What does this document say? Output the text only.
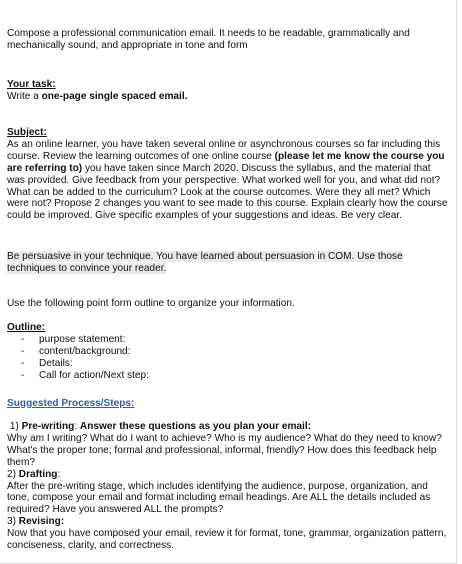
Compose a professional communication email. It needs to be readable, grammatically and mechanically sound, and appropriate in tone and form

Your task:

Write a one-page single spaced email.

Subject:

As an online learner, you have taken several online or asynchronous courses so far including this course. Review the learning outcomes of one online course (please let me know the course you are referring to) you have taken since March 2020. Discuss the syllabus, and the material that was provided. Give feedback from your perspective. What worked well for you, and what did not? What can be added to the curriculum? Look at the course outcomes. Were they all met? Which were not? Propose 2 changes you want to see made to this course. Explain clearly how the course could be improved. Give specific examples of your suggestions and ideas. Be very clear.

Be persuasive in your technique. You have learned about persuasion in COM. Use those techniques to convince your reader.

Use the following point form outline to organize your information.

Outline:

- purpose statement:
- content/background:
- Details:
- Call for action/Next step:

Suggested Process/Steps:

1) Pre-writing: Answer these questions as you plan your email:

Why am I writing? What do I want to achieve? Who is my audience? What do they need to know? What's the proper tone; formal and professional, informal, friendly? How does this feedback help them?

2) Drafting:

After the pre-writing stage, which includes identifying the audience, purpose, organization, and tone, compose your email and format including email headings. Are ALL the details included as required? Have you answered ALL the prompts?

3) Revising:

Now that you have composed your email, review it for format, tone, grammar, organization pattern, conciseness, clarity, and correctness.
